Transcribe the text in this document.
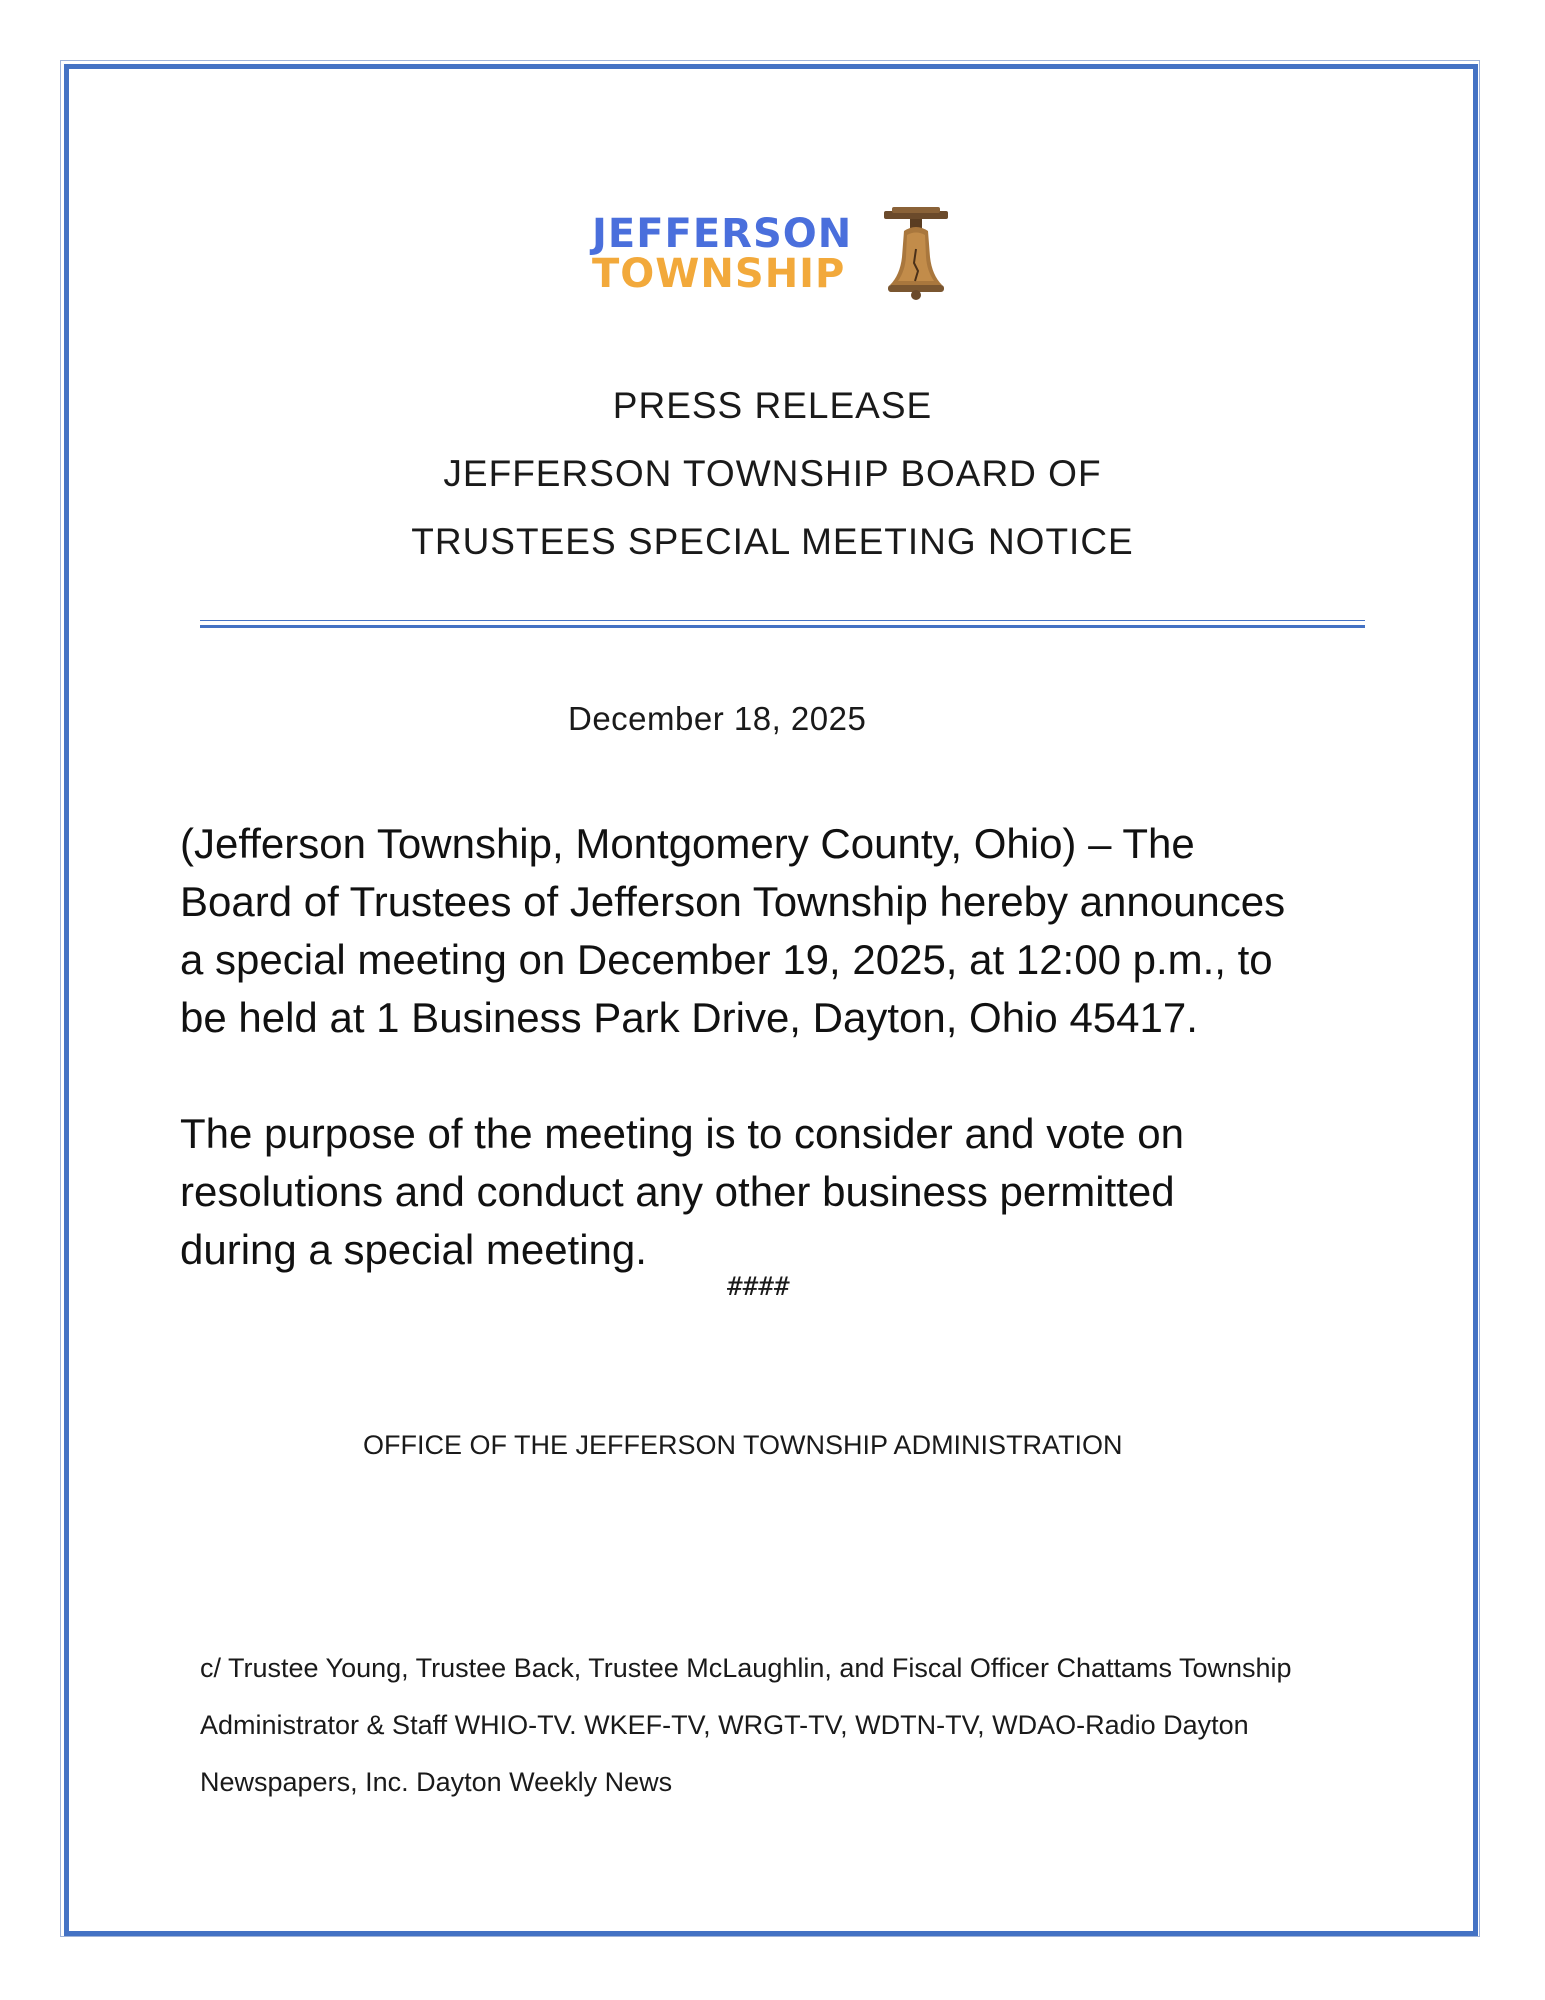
JEFFERSON
TOWNSHIP
PRESS RELEASE
JEFFERSON TOWNSHIP BOARD OF
TRUSTEES SPECIAL MEETING NOTICE
December 18, 2025
(Jefferson Township, Montgomery County, Ohio) – The
Board of Trustees of Jefferson Township hereby announces
a special meeting on December 19, 2025, at 12:00 p.m., to
be held at 1 Business Park Drive, Dayton, Ohio 45417.
The purpose of the meeting is to consider and vote on
resolutions and conduct any other business permitted
during a special meeting.
####
OFFICE OF THE JEFFERSON TOWNSHIP ADMINISTRATION
c/ Trustee Young, Trustee Back, Trustee McLaughlin, and Fiscal Officer Chattams Township
Administrator & Staff WHIO-TV. WKEF-TV, WRGT-TV, WDTN-TV, WDAO-Radio Dayton
Newspapers, Inc. Dayton Weekly News
